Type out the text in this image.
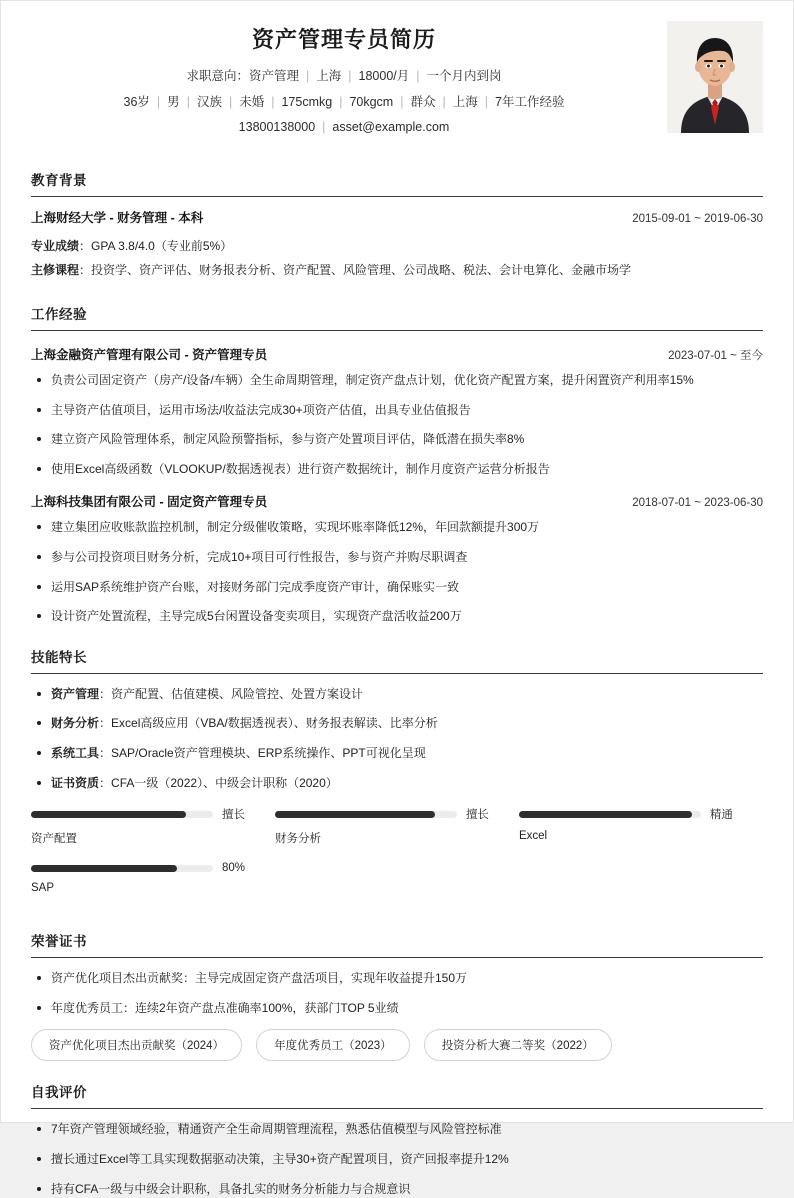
资产管理专员简历
求职意向：资产管理 | 上海 | 18000/月 | 一个月内到岗
36岁 | 男 | 汉族 | 未婚 | 175cmkg | 70kgcm | 群众 | 上海 | 7年工作经验
13800138000 | asset@example.com
教育背景
上海财经大学 - 财务管理 - 本科	2015-09-01 ~ 2019-06-30
专业成绩：GPA 3.8/4.0（专业前5%）
主修课程：投资学、资产评估、财务报表分析、资产配置、风险管理、公司战略、税法、会计电算化、金融市场学
工作经验
上海金融资产管理有限公司 - 资产管理专员	2023-07-01 ~ 至今
负责公司固定资产（房产/设备/车辆）全生命周期管理，制定资产盘点计划，优化资产配置方案，提升闲置资产利用率15%
主导资产估值项目，运用市场法/收益法完成30+项资产估值，出具专业估值报告
建立资产风险管理体系，制定风险预警指标，参与资产处置项目评估，降低潜在损失率8%
使用Excel高级函数（VLOOKUP/数据透视表）进行资产数据统计，制作月度资产运营分析报告
上海科技集团有限公司 - 固定资产管理专员	2018-07-01 ~ 2023-06-30
建立集团应收账款监控机制，制定分级催收策略，实现坏账率降低12%，年回款额提升300万
参与公司投资项目财务分析，完成10+项目可行性报告，参与资产并购尽职调查
运用SAP系统维护资产台账，对接财务部门完成季度资产审计，确保账实一致
设计资产处置流程，主导完成5台闲置设备变卖项目，实现资产盘活收益200万
技能特长
资产管理：资产配置、估值建模、风险管控、处置方案设计
财务分析：Excel高级应用（VBA/数据透视表）、财务报表解读、比率分析
系统工具：SAP/Oracle资产管理模块、ERP系统操作、PPT可视化呈现
证书资质：CFA一级（2022）、中级会计职称（2020）
擅长
资产配置
擅长
财务分析
精通
Excel
80%
SAP
荣誉证书
资产优化项目杰出贡献奖：主导完成固定资产盘活项目，实现年收益提升150万
年度优秀员工：连续2年资产盘点准确率100%，获部门TOP 5业绩
资产优化项目杰出贡献奖（2024）	年度优秀员工（2023）	投资分析大赛二等奖（2022）
自我评价
7年资产管理领域经验，精通资产全生命周期管理流程，熟悉估值模型与风险管控标准
擅长通过Excel等工具实现数据驱动决策，主导30+资产配置项目，资产回报率提升12%
持有CFA一级与中级会计职称，具备扎实的财务分析能力与合规意识
